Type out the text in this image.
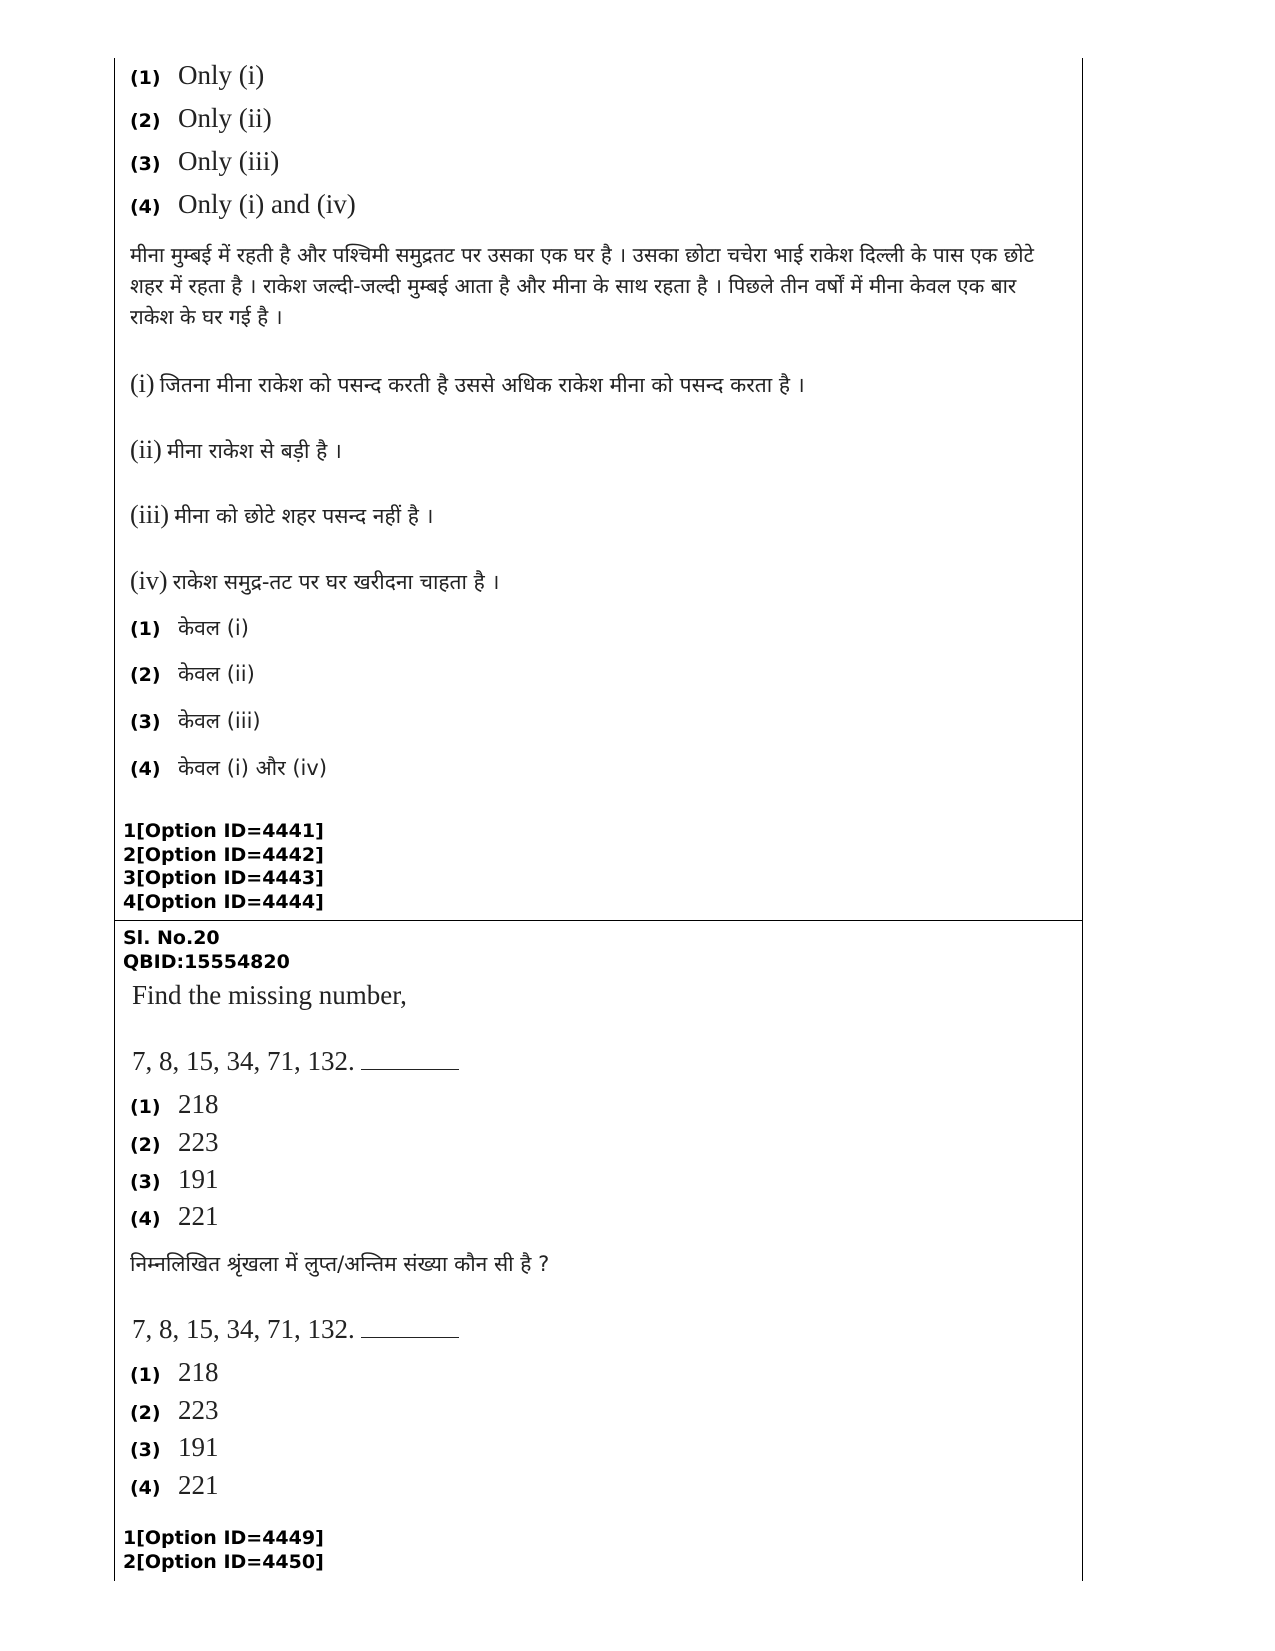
(1) Only (i)
(2) Only (ii)
(3) Only (iii)
(4) Only (i) and (iv)
मीना मुम्बई में रहती है और पश्चिमी समुद्रतट पर उसका एक घर है । उसका छोटा चचेरा भाई राकेश दिल्ली के पास एक छोटे शहर में रहता है । राकेश जल्दी-जल्दी मुम्बई आता है और मीना के साथ रहता है । पिछले तीन वर्षों में मीना केवल एक बार राकेश के घर गई है ।
(i) जितना मीना राकेश को पसन्द करती है उससे अधिक राकेश मीना को पसन्द करता है ।
(ii) मीना राकेश से बड़ी है ।
(iii) मीना को छोटे शहर पसन्द नहीं है ।
(iv) राकेश समुद्र-तट पर घर खरीदना चाहता है ।
(1) केवल (i)
(2) केवल (ii)
(3) केवल (iii)
(4) केवल (i) और (iv)
1[Option ID=4441]
2[Option ID=4442]
3[Option ID=4443]
4[Option ID=4444]
Sl. No.20
QBID:15554820
Find the missing number,
7, 8, 15, 34, 71, 132.
(1) 218
(2) 223
(3) 191
(4) 221
निम्नलिखित श्रृंखला में लुप्त/अन्तिम संख्या कौन सी है ?
7, 8, 15, 34, 71, 132.
(1) 218
(2) 223
(3) 191
(4) 221
1[Option ID=4449]
2[Option ID=4450]
